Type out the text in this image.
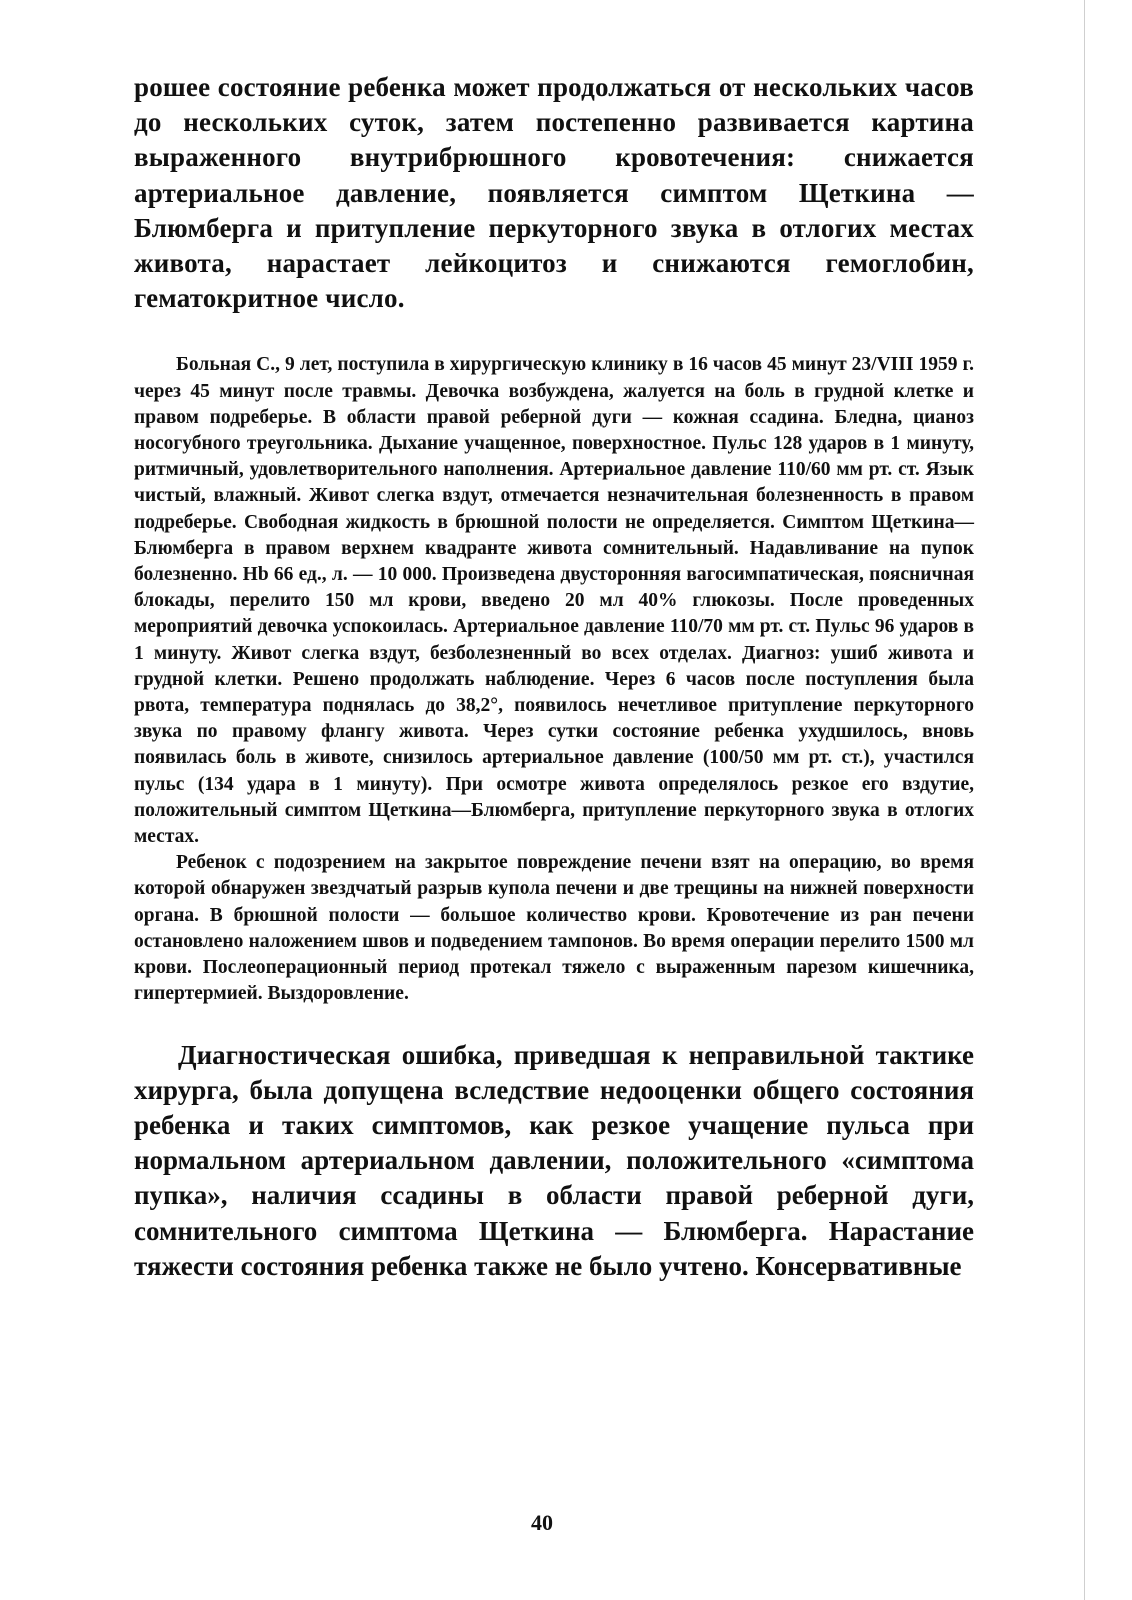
рошее состояние ребенка может продолжаться от нескольких часов до нескольких суток, затем постепенно развивается картина выраженного внутрибрюшного кровотечения: снижается артериальное давление, появляется симптом Щеткина — Блюмберга и притупление перкуторного звука в отлогих местах живота, нарастает лейкоцитоз и снижаются гемоглобин, гематокритное число.

Больная С., 9 лет, поступила в хирургическую клинику в 16 часов 45 минут 23/VIII 1959 г. через 45 минут после травмы. Девочка возбуждена, жалуется на боль в грудной клетке и правом подреберье. В области правой реберной дуги — кожная ссадина. Бледна, цианоз носогубного треугольника. Дыхание учащенное, поверхностное. Пульс 128 ударов в 1 минуту, ритмичный, удовлетворительного наполнения. Артериальное давление 110/60 мм рт. ст. Язык чистый, влажный. Живот слегка вздут, отмечается незначительная болезненность в правом подреберье. Свободная жидкость в брюшной полости не определяется. Симптом Щеткина—Блюмберга в правом верхнем квадранте живота сомнительный. Надавливание на пупок болезненно. Hb 66 ед., л. — 10 000. Произведена двусторонняя вагосимпатическая, поясничная блокады, перелито 150 мл крови, введено 20 мл 40% глюкозы. После проведенных мероприятий девочка успокоилась. Артериальное давление 110/70 мм рт. ст. Пульс 96 ударов в 1 минуту. Живот слегка вздут, безболезненный во всех отделах. Диагноз: ушиб живота и грудной клетки. Решено продолжать наблюдение. Через 6 часов после поступления была рвота, температура поднялась до 38,2°, появилось нечетливое притупление перкуторного звука по правому флангу живота. Через сутки состояние ребенка ухудшилось, вновь появилась боль в животе, снизилось артериальное давление (100/50 мм рт. ст.), участился пульс (134 удара в 1 минуту). При осмотре живота определялось резкое его вздутие, положительный симптом Щеткина—Блюмберга, притупление перкуторного звука в отлогих местах.

Ребенок с подозрением на закрытое повреждение печени взят на операцию, во время которой обнаружен звездчатый разрыв купола печени и две трещины на нижней поверхности органа. В брюшной полости — большое количество крови. Кровотечение из ран печени остановлено наложением швов и подведением тампонов. Во время операции перелито 1500 мл крови. Послеоперационный период протекал тяжело с выраженным парезом кишечника, гипертермией. Выздоровление.

Диагностическая ошибка, приведшая к неправильной тактике хирурга, была допущена вследствие недооценки общего состояния ребенка и таких симптомов, как резкое учащение пульса при нормальном артериальном давлении, положительного «симптома пупка», наличия ссадины в области правой реберной дуги, сомнительного симптома Щеткина — Блюмберга. Нарастание тяжести состояния ребенка также не было учтено. Консервативные

40
